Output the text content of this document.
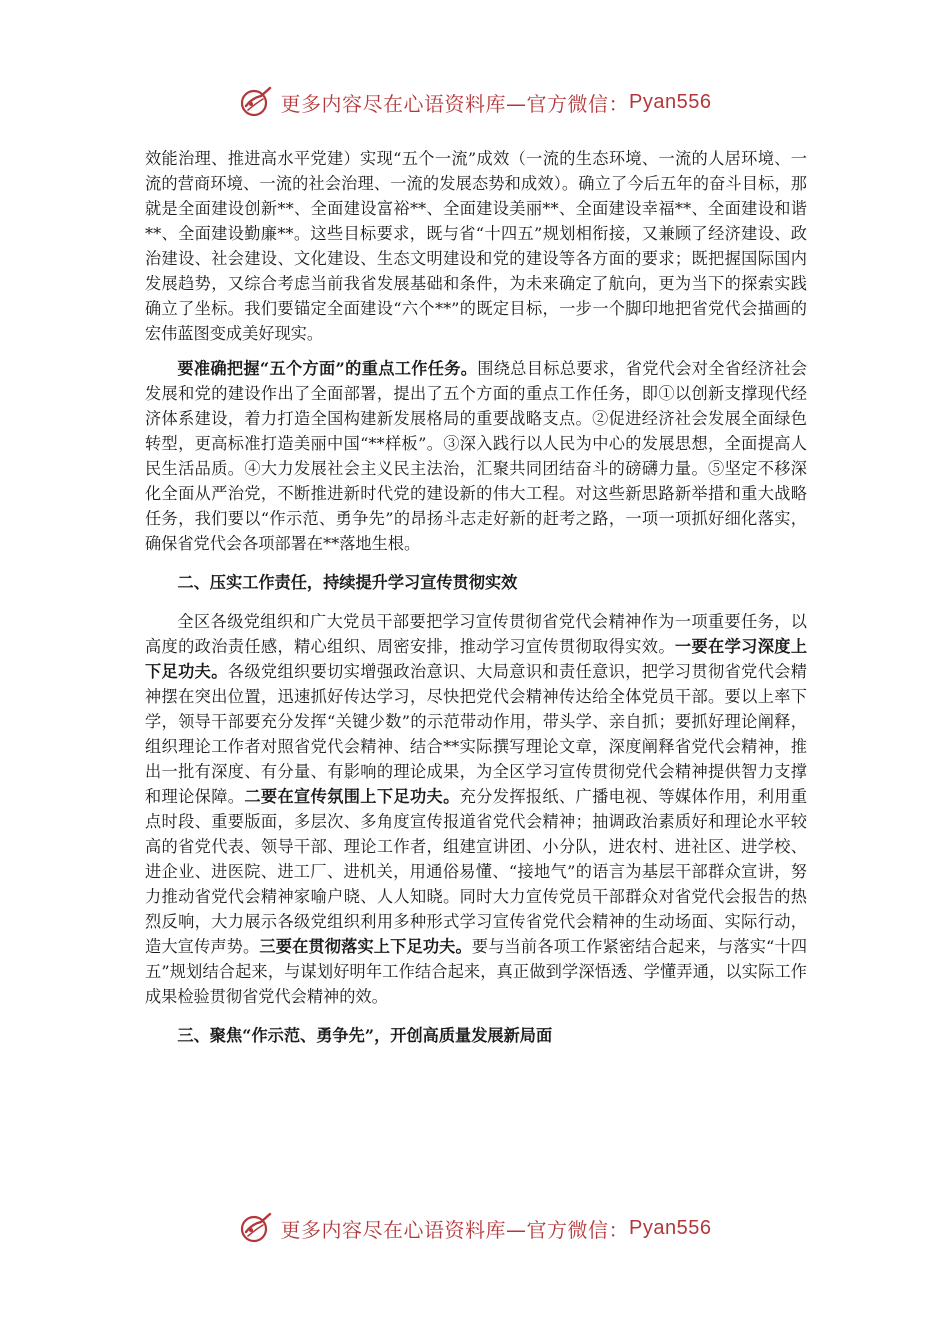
更多内容尽在心语资料库—官方微信： Pyan556

效能治理、推进高水平党建）实现“五个一流”成效（一流的生态环境、一流的人居环境、一流的营商环境、一流的社会治理、一流的发展态势和成效）。确立了今后五年的奋斗目标，那就是全面建设创新**、全面建设富裕**、全面建设美丽**、全面建设幸福**、全面建设和谐**、全面建设勤廉**。这些目标要求，既与省“十四五”规划相衔接，又兼顾了经济建设、政治建设、社会建设、文化建设、生态文明建设和党的建设等各方面的要求；既把握国际国内发展趋势，又综合考虑当前我省发展基础和条件，为未来确定了航向，更为当下的探索实践确立了坐标。我们要锚定全面建设“六个**”的既定目标，一步一个脚印地把省党代会描画的宏伟蓝图变成美好现实。

要准确把握“五个方面”的重点工作任务。围绕总目标总要求，省党代会对全省经济社会发展和党的建设作出了全面部署，提出了五个方面的重点工作任务，即①以创新支撑现代经济体系建设，着力打造全国构建新发展格局的重要战略支点。②促进经济社会发展全面绿色转型，更高标准打造美丽中国“**样板”。③深入践行以人民为中心的发展思想，全面提高人民生活品质。④大力发展社会主义民主法治，汇聚共同团结奋斗的磅礴力量。⑤坚定不移深化全面从严治党，不断推进新时代党的建设新的伟大工程。对这些新思路新举措和重大战略任务，我们要以“作示范、勇争先”的昂扬斗志走好新的赶考之路，一项一项抓好细化落实，确保省党代会各项部署在**落地生根。

二、压实工作责任，持续提升学习宣传贯彻实效

全区各级党组织和广大党员干部要把学习宣传贯彻省党代会精神作为一项重要任务，以高度的政治责任感，精心组织、周密安排，推动学习宣传贯彻取得实效。一要在学习深度上下足功夫。各级党组织要切实增强政治意识、大局意识和责任意识，把学习贯彻省党代会精神摆在突出位置，迅速抓好传达学习，尽快把党代会精神传达给全体党员干部。要以上率下学，领导干部要充分发挥“关键少数”的示范带动作用，带头学、亲自抓；要抓好理论阐释，组织理论工作者对照省党代会精神、结合**实际撰写理论文章，深度阐释省党代会精神，推出一批有深度、有分量、有影响的理论成果，为全区学习宣传贯彻党代会精神提供智力支撑和理论保障。二要在宣传氛围上下足功夫。充分发挥报纸、广播电视、等媒体作用，利用重点时段、重要版面，多层次、多角度宣传报道省党代会精神；抽调政治素质好和理论水平较高的省党代表、领导干部、理论工作者，组建宣讲团、小分队，进农村、进社区、进学校、进企业、进医院、进工厂、进机关，用通俗易懂、“接地气”的语言为基层干部群众宣讲，努力推动省党代会精神家喻户晓、人人知晓。同时大力宣传党员干部群众对省党代会报告的热烈反响，大力展示各级党组织利用多种形式学习宣传省党代会精神的生动场面、实际行动，造大宣传声势。三要在贯彻落实上下足功夫。要与当前各项工作紧密结合起来，与落实“十四五”规划结合起来，与谋划好明年工作结合起来，真正做到学深悟透、学懂弄通，以实际工作成果检验贯彻省党代会精神的效。

三、聚焦“作示范、勇争先”，开创高质量发展新局面

更多内容尽在心语资料库—官方微信： Pyan556
